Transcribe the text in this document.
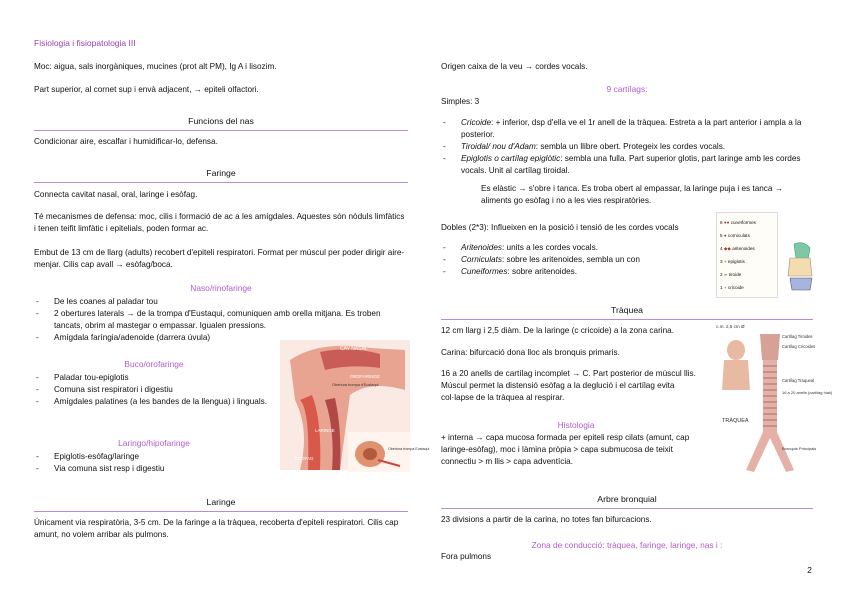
Fisiologia i fisiopatologia III

Moc: aigua, sals inorgàniques, mucines (prot alt PM), Ig A i lisozim.

Part superior, al cornet sup i envà adjacent, → epiteli olfactori.

Funcions del nas

Condicionar aire, escalfar i humidificar-lo, defensa.

Faringe

Connecta cavitat nasal, oral, laringe i esòfag.

Té mecanismes de defensa: moc, cilis i formació de ac a les amígdales. Aquestes són nòduls limfàtics i tenen teifit limfàtic i epitelials, poden formar ac.

Embut de 13 cm de llarg (adults) recobert d'epiteli respiratori. Format per múscul per poder dirigir aire-menjar. Cilis cap avall → esòfag/boca.

Naso/rinofaringe
- De les coanes al paladar tou
- 2 obertures laterals → de la trompa d'Eustaqui, comuniquen amb orella mitjana. Es troben tancats, obrim al mastegar o empassar. Igualen pressions.
- Amígdala faríngia/adenoide (darrera úvula)
Buco/orofaringe
- Paladar tou-epiglotis
- Comuna sist respiratori i digestiu
- Amígdales palatines (a les bandes de la llengua) i linguals.
Laringo/hipofaringe
- Epiglotis-esòfag/laringe
- Via comuna sist resp i digestiu
Laringe

Únicament via respiratòria, 3-5 cm. De la faringe a la tràquea, recoberta d'epiteli respiratori. Cilis cap amunt, no volem arribar als pulmons.

CAV NASAL
OROFARINGE
LARINGE
ESÒFAG
Obertura trompa d'Eustaqui
Obertura trompa Eustaqui

Origen caixa de la veu → cordes vocals.

9 cartílags:

Simples: 3

- Cricoide: + inferior, dsp d'ella ve el 1r anell de la tràquea. Estreta a la part anterior i ampla a la posterior.
- Tiroidal/ nou d'Adam: sembla un llibre obert. Protegeix les cordes vocals.
- Epiglotis o cartílag epiglòtic: sembla una fulla. Part superior glotis, part laringe amb les cordes vocals. Unit al cartílag tiroidal.

Es elàstic → s'obre i tanca. Es troba obert al empassar, la laringe puja i es tanca → aliments go esòfag i no a les vies respiratòries.

Dobles (2*3): Influeixen en la posició i tensió de les cordes vocals

- Aritenoides: units a les cordes vocals.
- Corniculats: sobre les aritenoides, sembla un con
- Cuneiformes: sobre aritenoides.
Tràquea

12 cm llarg i 2,5 diàm. De la laringe (c cricoide) a la zona carina.

Carina: bifurcació dona lloc als bronquis primaris.

16 a 20 anells de cartílag incomplet → C. Part posterior de múscul llis. Múscul permet la distensió esòfag a la deglució i el cartílag evita col·lapse de la tràquea al respirar.

Histologia

+ interna → capa mucosa formada per epiteli resp cilats (amunt, cap laringe-esòfag), moc i làmina pròpia > capa submucosa de teixit connectiu > m llis > capa adventícia.

Arbre bronquial

23 divisions a partir de la carina, no totes fan bifurcacions.

Zona de conducció: tràquea, faringe, laringe, nas i :

Fora pulmons

6 ●● cuneïformes
5 ● corniculats
4 ◆◆ aritenoides
3 ● epiglotis
2 ▰ tiroide
1 ◗ cricoide
c.m. 2,5 cm Ø
TRÀQUEA
Cartílag Tiroides
Cartílag Cricoides
Cartílag Traqueal
16 a 20 anells (cartílag hialí)
Bronquis Principals
2
